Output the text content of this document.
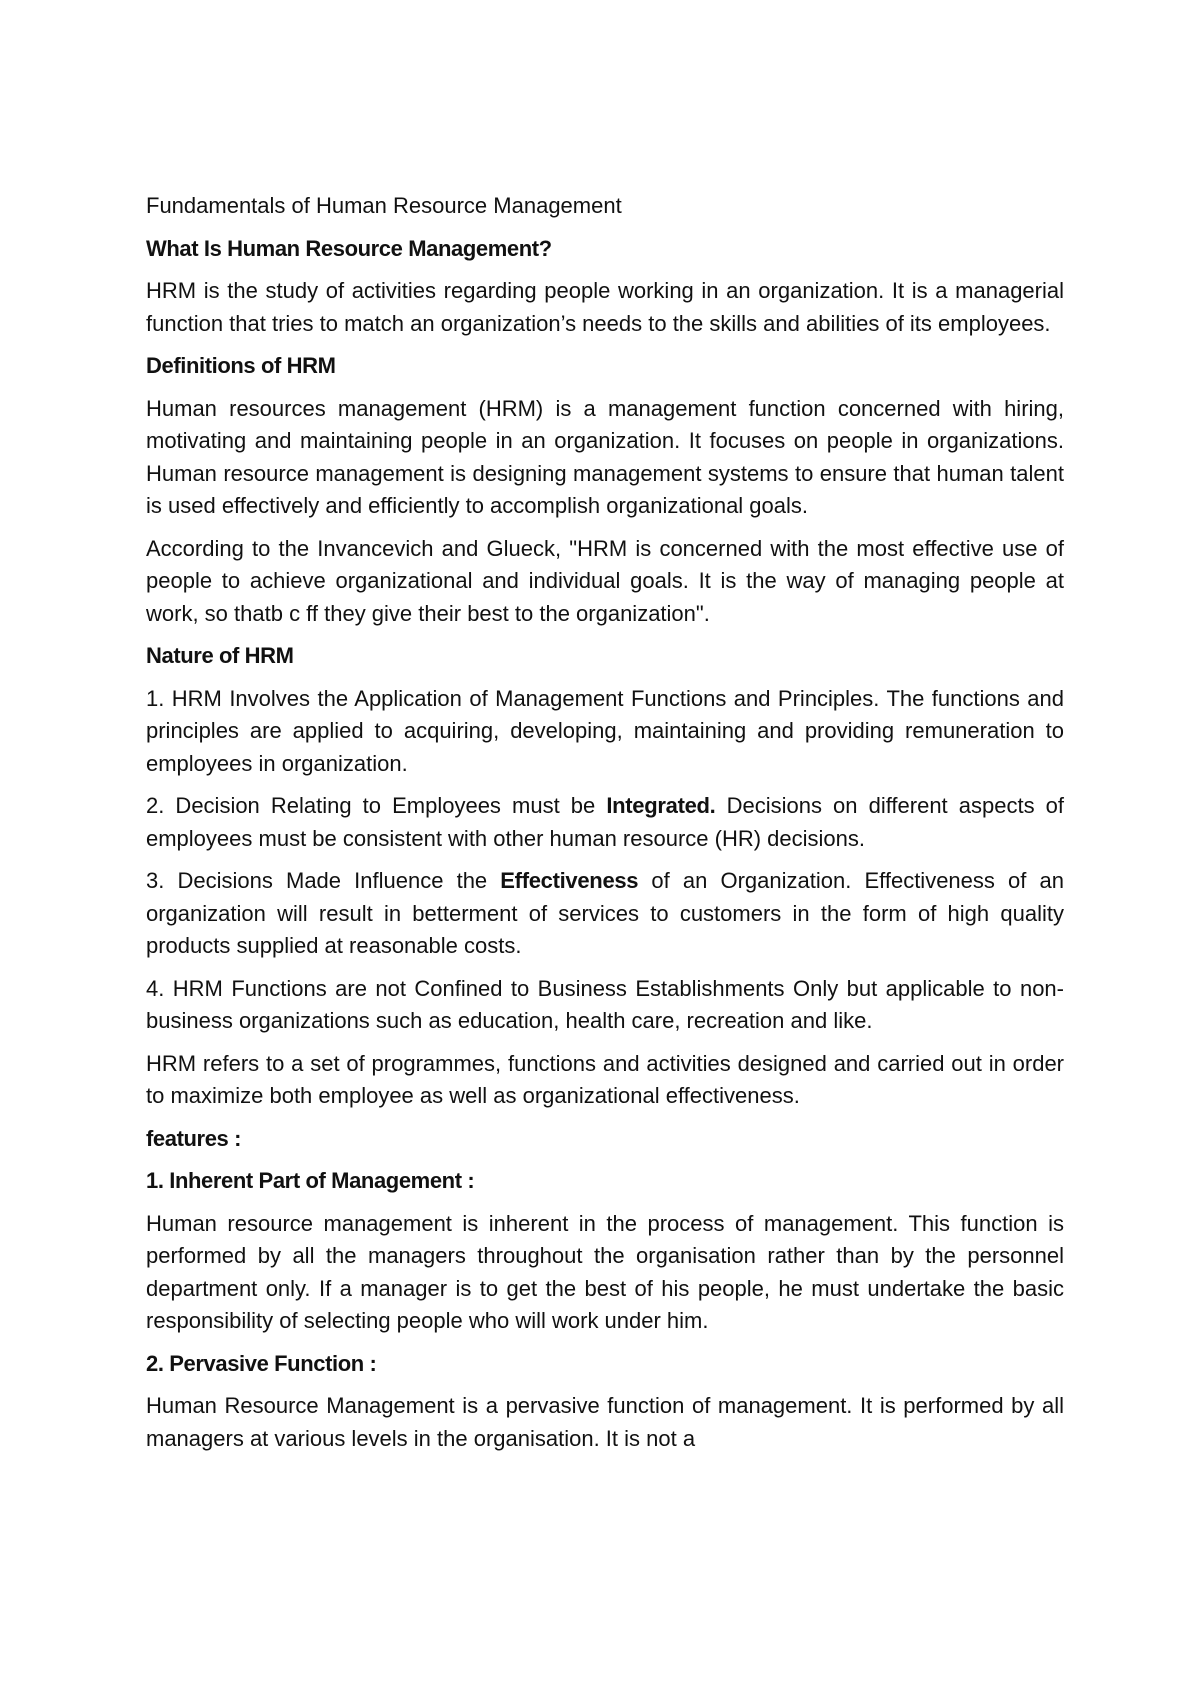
Fundamentals of Human Resource Management

What Is Human Resource Management?

HRM is the study of activities regarding people working in an organization. It is a managerial function that tries to match an organization’s needs to the skills and abilities of its employees.

Definitions of HRM

Human resources management (HRM) is a management function concerned with hiring, motivating and maintaining people in an organization. It focuses on people in organizations. Human resource management is designing management systems to ensure that human talent is used effectively and efficiently to accomplish organizational goals.

According to the Invancevich and Glueck, "HRM is concerned with the most effective use of people to achieve organizational and individual goals. It is the way of managing people at work, so thatb c ff they give their best to the organization".

Nature of HRM

1. HRM Involves the Application of Management Functions and Principles. The functions and principles are applied to acquiring, developing, maintaining and providing remuneration to employees in organization.

2. Decision Relating to Employees must be Integrated. Decisions on different aspects of employees must be consistent with other human resource (HR) decisions.

3. Decisions Made Influence the Effectiveness of an Organization. Effectiveness of an organization will result in betterment of services to customers in the form of high quality products supplied at reasonable costs.

4. HRM Functions are not Confined to Business Establishments Only but applicable to non-business organizations such as education, health care, recreation and like.

HRM refers to a set of programmes, functions and activities designed and carried out in order to maximize both employee as well as organizational effectiveness.

features :

1. Inherent Part of Management :

Human resource management is inherent in the process of management. This function is performed by all the managers throughout the organisation rather than by the personnel department only. If a manager is to get the best of his people, he must undertake the basic responsibility of selecting people who will work under him.

2. Pervasive Function :

Human Resource Management is a pervasive function of management. It is performed by all managers at various levels in the organisation. It is not a
